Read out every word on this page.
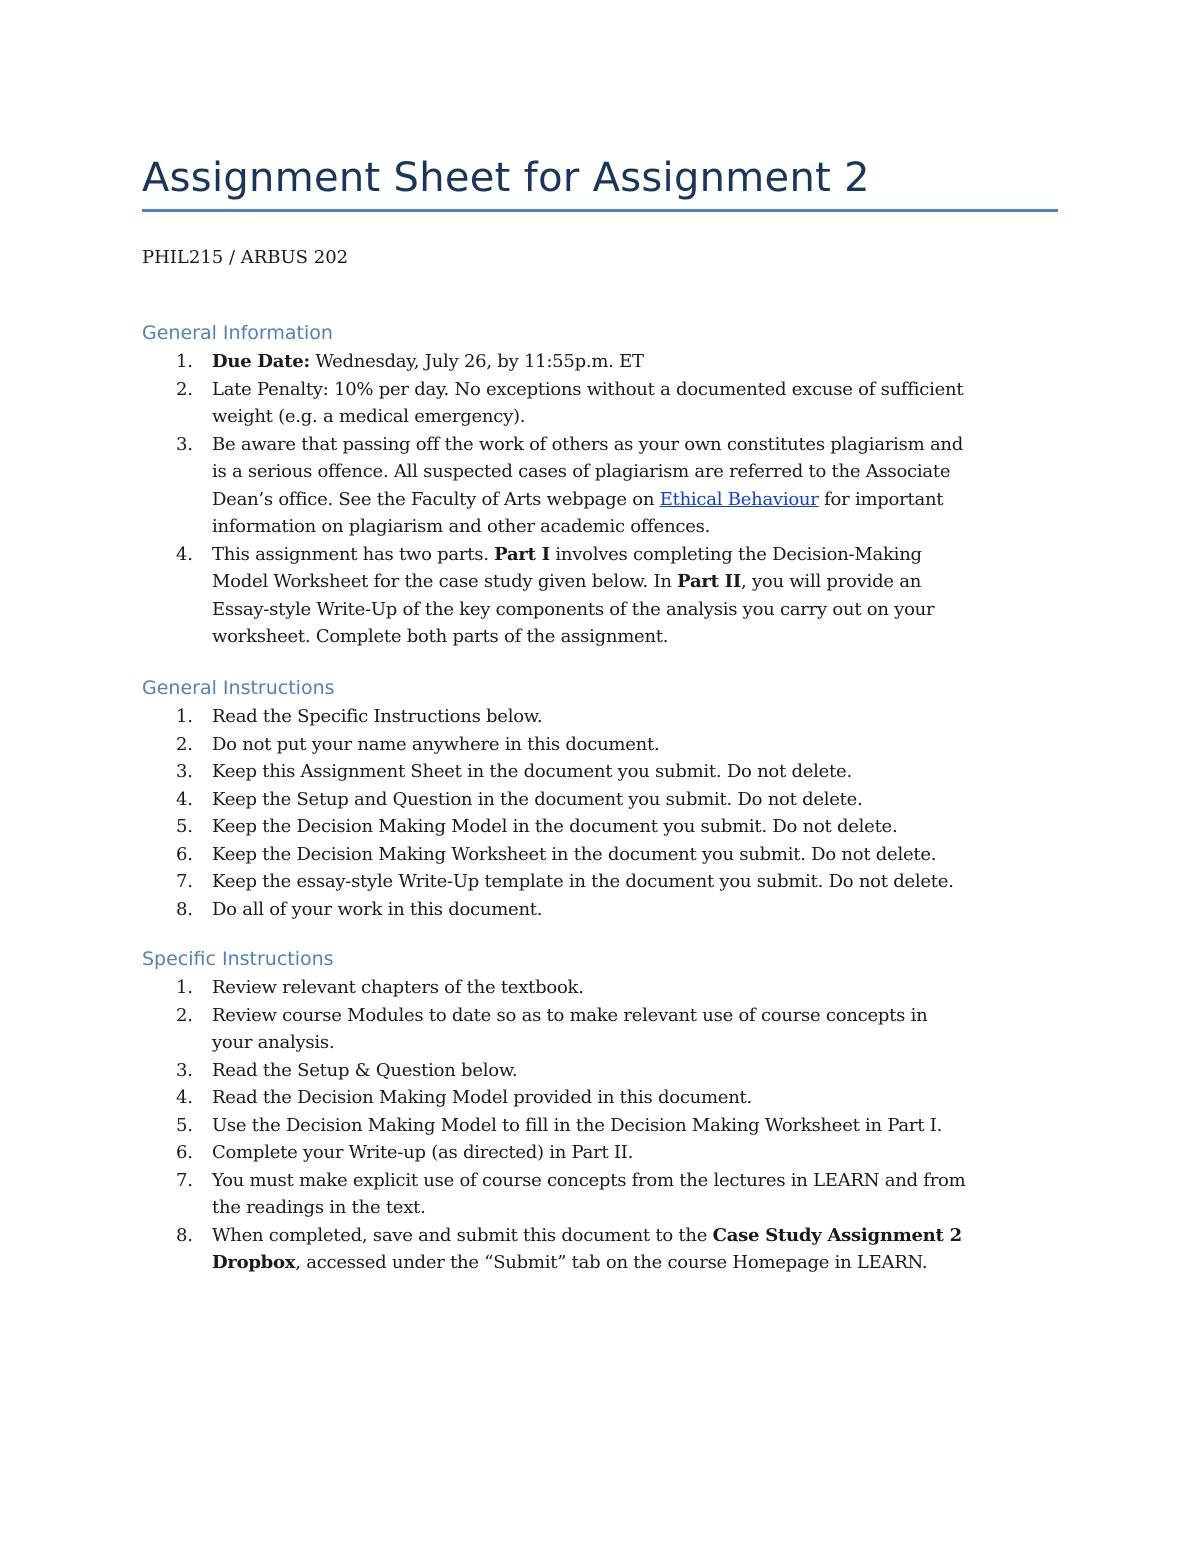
Assignment Sheet for Assignment 2
PHIL215 / ARBUS 202
General Information
1.	Due Date: Wednesday, July 26, by 11:55p.m. ET
2.	Late Penalty: 10% per day. No exceptions without a documented excuse of sufficient
weight (e.g. a medical emergency).
3.	Be aware that passing off the work of others as your own constitutes plagiarism and
is a serious offence. All suspected cases of plagiarism are referred to the Associate
Dean’s office. See the Faculty of Arts webpage on Ethical Behaviour for important
information on plagiarism and other academic offences.
4.	This assignment has two parts. Part I involves completing the Decision-Making
Model Worksheet for the case study given below. In Part II, you will provide an
Essay-style Write-Up of the key components of the analysis you carry out on your
worksheet. Complete both parts of the assignment.
General Instructions
1.	Read the Specific Instructions below.
2.	Do not put your name anywhere in this document.
3.	Keep this Assignment Sheet in the document you submit. Do not delete.
4.	Keep the Setup and Question in the document you submit. Do not delete.
5.	Keep the Decision Making Model in the document you submit. Do not delete.
6.	Keep the Decision Making Worksheet in the document you submit. Do not delete.
7.	Keep the essay-style Write-Up template in the document you submit. Do not delete.
8.	Do all of your work in this document.
Specific Instructions
1.	Review relevant chapters of the textbook.
2.	Review course Modules to date so as to make relevant use of course concepts in
your analysis.
3.	Read the Setup & Question below.
4.	Read the Decision Making Model provided in this document.
5.	Use the Decision Making Model to fill in the Decision Making Worksheet in Part I.
6.	Complete your Write-up (as directed) in Part II.
7.	You must make explicit use of course concepts from the lectures in LEARN and from
the readings in the text.
8.	When completed, save and submit this document to the Case Study Assignment 2
Dropbox, accessed under the “Submit” tab on the course Homepage in LEARN.
